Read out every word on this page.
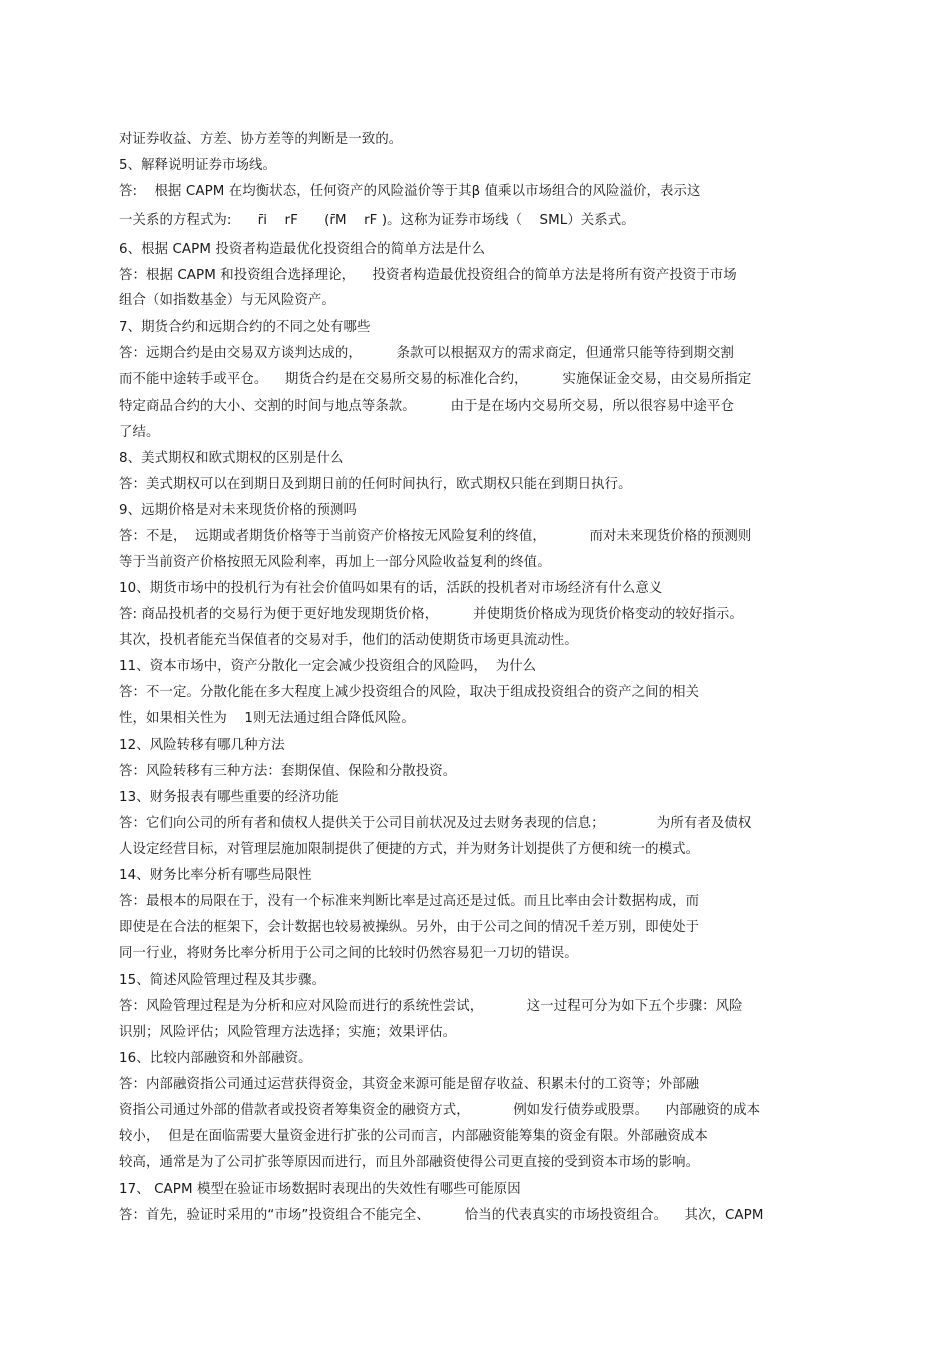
对证券收益、方差、协方差等的判断是一致的。
5、解释说明证券市场线。
答:    根据 CAPM 在均衡状态，任何资产的风险溢价等于其β 值乘以市场组合的风险溢价，表示这
一关系的方程式为:      r̄i    rF      (r̄M    rF )。这称为证券市场线（    SML）关系式。
6、根据 CAPM 投资者构造最优化投资组合的简单方法是什么
答：根据 CAPM 和投资组合选择理论，    投资者构造最优投资组合的简单方法是将所有资产投资于市场
组合（如指数基金）与无风险资产。
7、期货合约和远期合约的不同之处有哪些
答：远期合约是由交易双方谈判达成的，        条款可以根据双方的需求商定，但通常只能等待到期交割
而不能中途转手或平仓。    期货合约是在交易所交易的标准化合约，        实施保证金交易，由交易所指定
特定商品合约的大小、交割的时间与地点等条款。        由于是在场内交易所交易，所以很容易中途平仓
了结。
8、美式期权和欧式期权的区别是什么
答：美式期权可以在到期日及到期日前的任何时间执行，欧式期权只能在到期日执行。
9、远期价格是对未来现货价格的预测吗
答：不是，  远期或者期货价格等于当前资产价格按无风险复利的终值，          而对未来现货价格的预测则
等于当前资产价格按照无风险利率，再加上一部分风险收益复利的终值。
10、期货市场中的投机行为有社会价值吗如果有的话，活跃的投机者对市场经济有什么意义
答: 商品投机者的交易行为便于更好地发现期货价格，        并使期货价格成为现货价格变动的较好指示。
其次，投机者能充当保值者的交易对手，他们的活动使期货市场更具流动性。
11、资本市场中，资产分散化一定会减少投资组合的风险吗，  为什么
答：不一定。分散化能在多大程度上减少投资组合的风险，取决于组成投资组合的资产之间的相关
性，如果相关性为    1则无法通过组合降低风险。
12、风险转移有哪几种方法
答：风险转移有三种方法：套期保值、保险和分散投资。
13、财务报表有哪些重要的经济功能
答：它们向公司的所有者和债权人提供关于公司目前状况及过去财务表现的信息；            为所有者及债权
人设定经营目标，对管理层施加限制提供了便捷的方式，并为财务计划提供了方便和统一的模式。
14、财务比率分析有哪些局限性
答：最根本的局限在于，没有一个标准来判断比率是过高还是过低。而且比率由会计数据构成，而
即使是在合法的框架下，会计数据也较易被操纵。另外，由于公司之间的情况千差万别，即使处于
同一行业，将财务比率分析用于公司之间的比较时仍然容易犯一刀切的错误。
15、简述风险管理过程及其步骤。
答：风险管理过程是为分析和应对风险而进行的系统性尝试，          这一过程可分为如下五个步骤：风险
识别；风险评估；风险管理方法选择；实施；效果评估。
16、比较内部融资和外部融资。
答：内部融资指公司通过运营获得资金，其资金来源可能是留存收益、积累未付的工资等；外部融
资指公司通过外部的借款者或投资者筹集资金的融资方式，          例如发行债券或股票。    内部融资的成本
较小，  但是在面临需要大量资金进行扩张的公司而言，内部融资能筹集的资金有限。外部融资成本
较高，通常是为了公司扩张等原因而进行，而且外部融资使得公司更直接的受到资本市场的影响。
17、 CAPM 模型在验证市场数据时表现出的失效性有哪些可能原因
答：首先，验证时采用的“市场”投资组合不能完全、        恰当的代表真实的市场投资组合。    其次，CAPM
